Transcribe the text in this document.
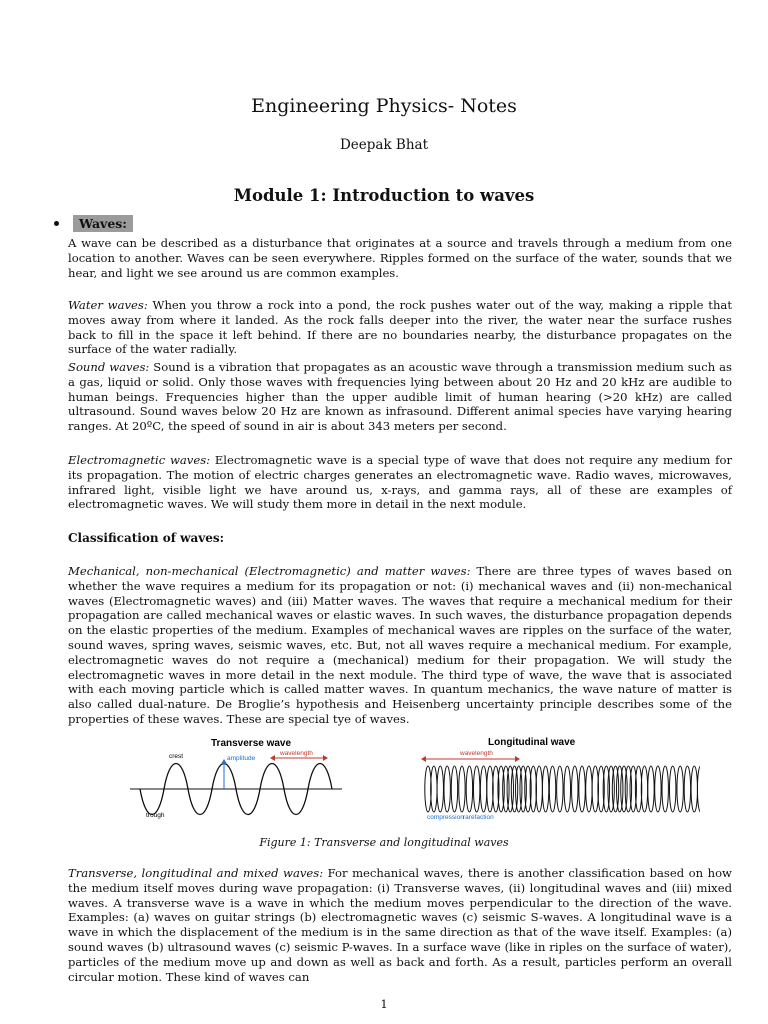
Engineering Physics- Notes

Deepak Bhat

Module 1: Introduction to waves
Waves:

A wave can be described as a disturbance that originates at a source and travels through a medium from one location to another. Waves can be seen everywhere. Ripples formed on the surface of the water, sounds that we hear, and light we see around us are common examples.

Water waves: When you throw a rock into a pond, the rock pushes water out of the way, making a ripple that moves away from where it landed. As the rock falls deeper into the river, the water near the surface rushes back to fill in the space it left behind. If there are no boundaries nearby, the disturbance propagates on the surface of the water radially.

Sound waves: Sound is a vibration that propagates as an acoustic wave through a transmission medium such as a gas, liquid or solid. Only those waves with frequencies lying between about 20 Hz and 20 kHz are audible to human beings. Frequencies higher than the upper audible limit of human hearing (>20 kHz) are called ultrasound. Sound waves below 20 Hz are known as infrasound. Different animal species have varying hearing ranges. At 20ºC, the speed of sound in air is about 343 meters per second.

Electromagnetic waves: Electromagnetic wave is a special type of wave that does not require any medium for its propagation. The motion of electric charges generates an electromagnetic wave. Radio waves, microwaves, infrared light, visible light we have around us, x-rays, and gamma rays, all of these are examples of electromagnetic waves. We will study them more in detail in the next module.

Classification of waves:

Mechanical, non-mechanical (Electromagnetic) and matter waves: There are three types of waves based on whether the wave requires a medium for its propagation or not: (i) mechanical waves and (ii) non-mechanical waves (Electromagnetic waves) and (iii) Matter waves. The waves that require a mechanical medium for their propagation are called mechanical waves or elastic waves. In such waves, the disturbance propagation depends on the elastic properties of the medium. Examples of mechanical waves are ripples on the surface of the water, sound waves, spring waves, seismic waves, etc. But, not all waves require a mechanical medium. For example, electromagnetic waves do not require a (mechanical) medium for their propagation. We will study the electromagnetic waves in more detail in the next module. The third type of wave, the wave that is associated with each moving particle which is called matter waves. In quantum mechanics, the wave nature of matter is also called dual-nature. De Broglie’s hypothesis and Heisenberg uncertainty principle describes some of the properties of these waves. These are special tye of waves.

Transverse wave
crest
trough
amplitude
wavelength
Longitudinal wave
wavelength
compression rarefaction

Figure 1: Transverse and longitudinal waves

Transverse, longitudinal and mixed waves: For mechanical waves, there is another classification based on how the medium itself moves during wave propagation: (i) Transverse waves, (ii) longitudinal waves and (iii) mixed waves. A transverse wave is a wave in which the medium moves perpendicular to the direction of the wave. Examples: (a) waves on guitar strings (b) electromagnetic waves (c) seismic S-waves. A longitudinal wave is a wave in which the displacement of the medium is in the same direction as that of the wave itself. Examples: (a) sound waves (b) ultrasound waves (c) seismic P-waves. In a surface wave (like in riples on the surface of water), particles of the medium move up and down as well as back and forth. As a result, particles perform an overall circular motion. These kind of waves can

1
